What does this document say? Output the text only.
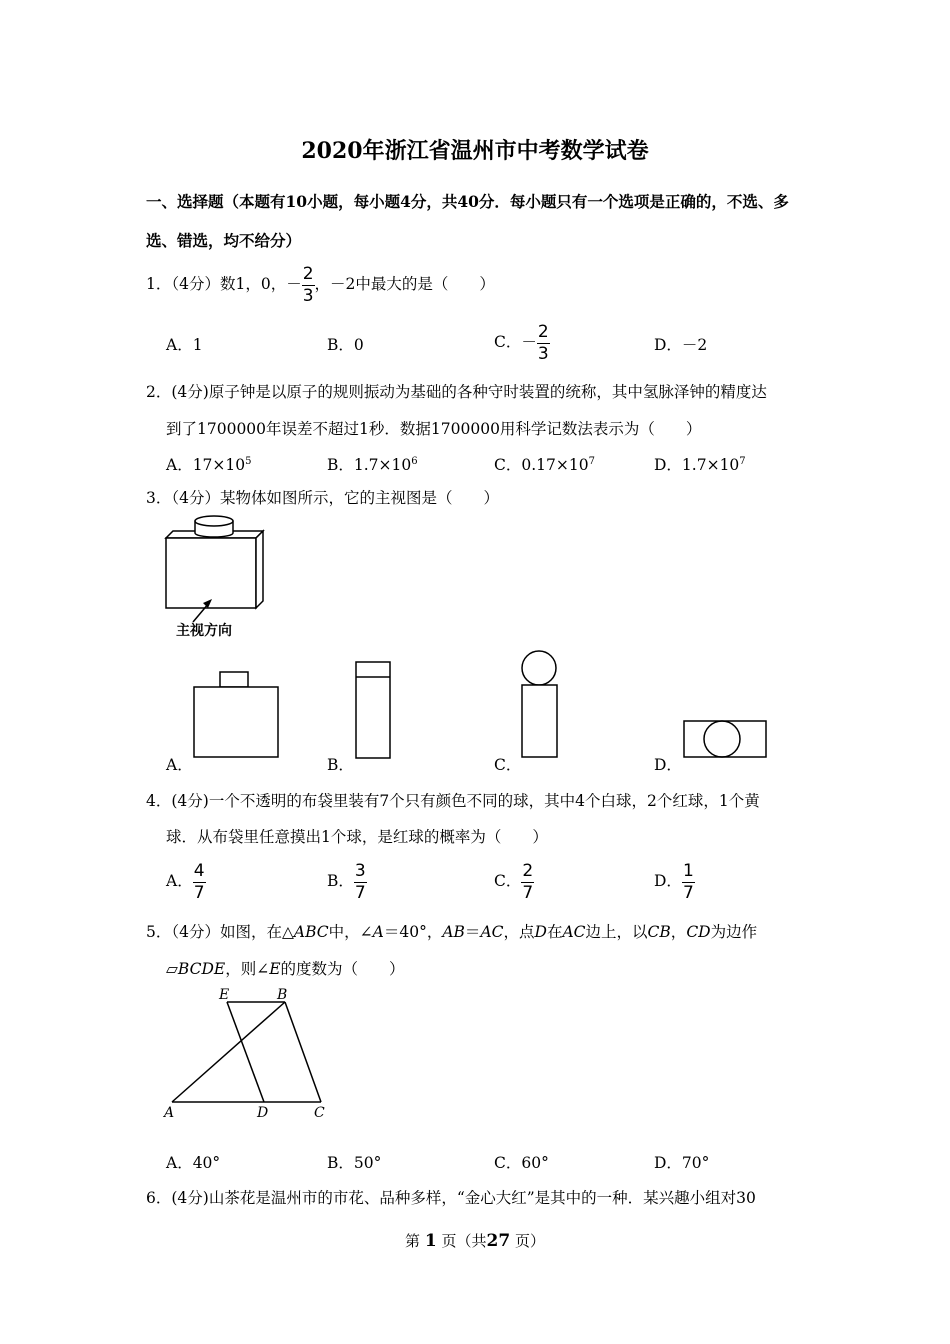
2020年浙江省温州市中考数学试卷
一、选择题（本题有10小题，每小题4分，共40分．每小题只有一个选项是正确的，不选、多
选、错选，均不给分）
1．（4分）数1，0，－ $\frac{2}{3}$ ，－2中最大的是（　　）
A．1	B．0	C．－ $\frac{2}{3}$	D．－2
2．(4分)原子钟是以原子的规则振动为基础的各种守时装置的统称，其中氢脉泽钟的精度达
到了1700000年误差不超过1秒．数据1700000用科学记数法表示为（　　）
A．$17\times 10^5$	B．$1.7\times 10^6$	C．$0.17\times 10^7$	D．$1.7\times 10^7$
3．（4分）某物体如图所示，它的主视图是（　　）
主视方向
A．	B．	C．	D．
4．(4分)一个不透明的布袋里装有7个只有颜色不同的球，其中4个白球，2个红球，1个黄
球．从布袋里任意摸出1个球，是红球的概率为（　　）
A． $\frac{4}{7}$	B． $\frac{3}{7}$	C． $\frac{2}{7}$	D． $\frac{1}{7}$
5．（4分）如图，在△ABC中，∠A＝40°，AB＝AC，点D在AC边上，以CB，CD为边作
▱BCDE，则∠E的度数为（　　）
E	B
A	D	C
A．40°	B．50°	C．60°	D．70°
6．(4分)山茶花是温州市的市花、品种多样，“金心大红”是其中的一种．某兴趣小组对30
第 1 页（共27 页）
